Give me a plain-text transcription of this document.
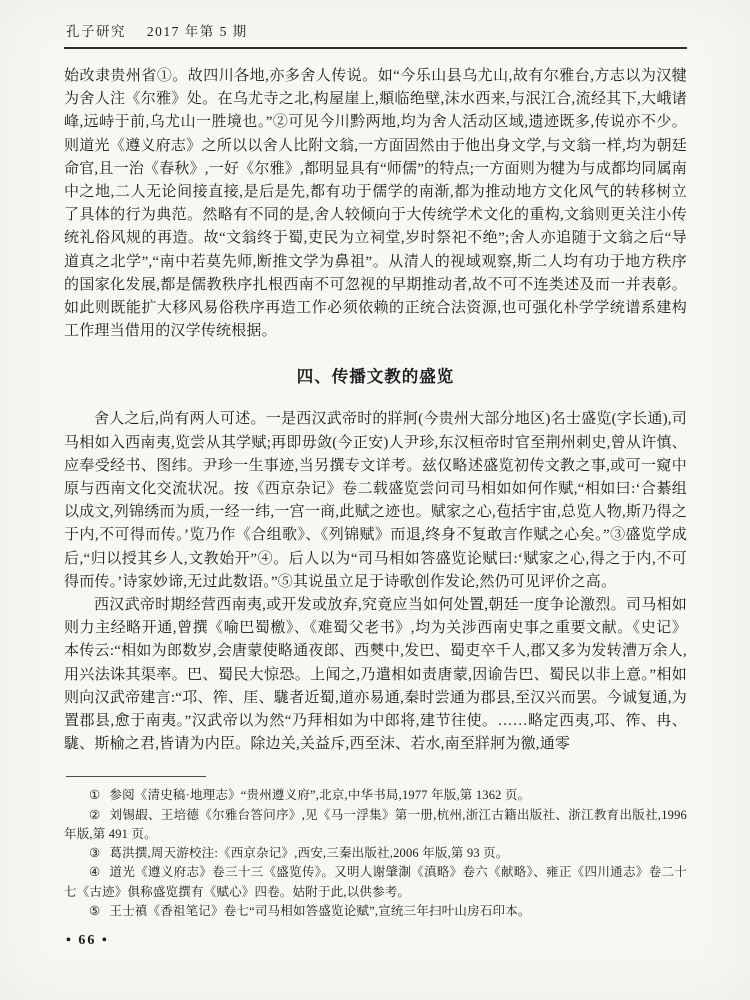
孔子研究 2017 年第 5 期

始改隶贵州省①。故四川各地,亦多舍人传说。如“今乐山县乌尤山,故有尔雅台,方志以为汉犍为舍人注《尔雅》处。在乌尤寺之北,构屋崖上,頫临绝壁,沫水西来,与泯江合,流经其下,大峨诸峰,远峙于前,乌尤山一胜境也。”②可见今川黔两地,均为舍人活动区域,遗迹既多,传说亦不少。则道光《遵义府志》之所以以舍人比附文翁,一方面固然由于他出身文学,与文翁一样,均为朝廷命官,且一治《春秋》,一好《尔雅》,都明显具有“师儒”的特点;一方面则为犍为与成都均同属南中之地,二人无论间接直接,是后是先,都有功于儒学的南渐,都为推动地方文化风气的转移树立了具体的行为典范。然略有不同的是,舍人较倾向于大传统学术文化的重构,文翁则更关注小传统礼俗风规的再造。故“文翁终于蜀,吏民为立祠堂,岁时祭祀不绝”;舍人亦追随于文翁之后“导道真之北学”,“南中若莫先师,断推文学为鼻祖”。从清人的视域观察,斯二人均有功于地方秩序的国家化发展,都是儒教秩序扎根西南不可忽视的早期推动者,故不可不连类述及而一并表彰。如此则既能扩大移风易俗秩序再造工作必须依赖的正统合法资源,也可强化朴学学统谱系建构工作理当借用的汉学传统根据。

四、传播文教的盛览

舍人之后,尚有两人可述。一是西汉武帝时的牂牁(今贵州大部分地区)名士盛览(字长通),司马相如入西南夷,览尝从其学赋;再即毋敛(今正安)人尹珍,东汉桓帝时官至荆州刺史,曾从许慎、应奉受经书、图纬。尹珍一生事迹,当另撰专文详考。兹仅略述盛览初传文教之事,或可一窥中原与西南文化交流状况。按《西京杂记》卷二载盛览尝问司马相如如何作赋,“相如曰:‘合綦组以成文,列锦绣而为质,一经一纬,一宫一商,此赋之迹也。赋家之心,苞括宇宙,总览人物,斯乃得之于内,不可得而传。’览乃作《合组歌》、《列锦赋》而退,终身不复敢言作赋之心矣。”③盛览学成后,“归以授其乡人,文教始开”④。后人以为“司马相如答盛览论赋曰:‘赋家之心,得之于内,不可得而传。’诗家妙谛,无过此数语。”⑤其说虽立足于诗歌创作发论,然仍可见评价之高。

西汉武帝时期经营西南夷,或开发或放弃,究竟应当如何处置,朝廷一度争论激烈。司马相如则力主经略开通,曾撰《喻巴蜀檄》、《难蜀父老书》,均为关涉西南史事之重要文献。《史记》本传云:“相如为郎数岁,会唐蒙使略通夜郎、西僰中,发巴、蜀吏卒千人,郡又多为发转漕万余人,用兴法诛其渠率。巴、蜀民大惊恐。上闻之,乃遣相如责唐蒙,因谕告巴、蜀民以非上意。”相如则向汉武帝建言:“邛、筰、厓、駹者近蜀,道亦易通,秦时尝通为郡县,至汉兴而罢。今诚复通,为置郡县,愈于南夷。”汉武帝以为然“乃拜相如为中郎将,建节往使。……略定西夷,邛、筰、冉、駹、斯榆之君,皆请为内臣。除边关,关益斥,西至沫、若水,南至牂牁为徼,通零

① 参阅《清史稿·地理志》“贵州遵义府”,北京,中华书局,1977 年版,第 1362 页。

② 刘锡嘏、王培德《尔雅台答问序》,见《马一浮集》第一册,杭州,浙江古籍出版社、浙江教育出版社,1996 年版,第 491 页。

③ 葛洪撰,周天游校注:《西京杂记》,西安,三秦出版社,2006 年版,第 93 页。

④ 道光《遵义府志》卷三十三《盛览传》。又明人谢肇淛《滇略》卷六《献略》、雍正《四川通志》卷二十七《古迹》俱称盛览撰有《赋心》四卷。姑附于此,以供参考。

⑤ 王士禛《香祖笔记》卷七“司马相如答盛览论赋”,宣统三年扫叶山房石印本。

• 66 •
